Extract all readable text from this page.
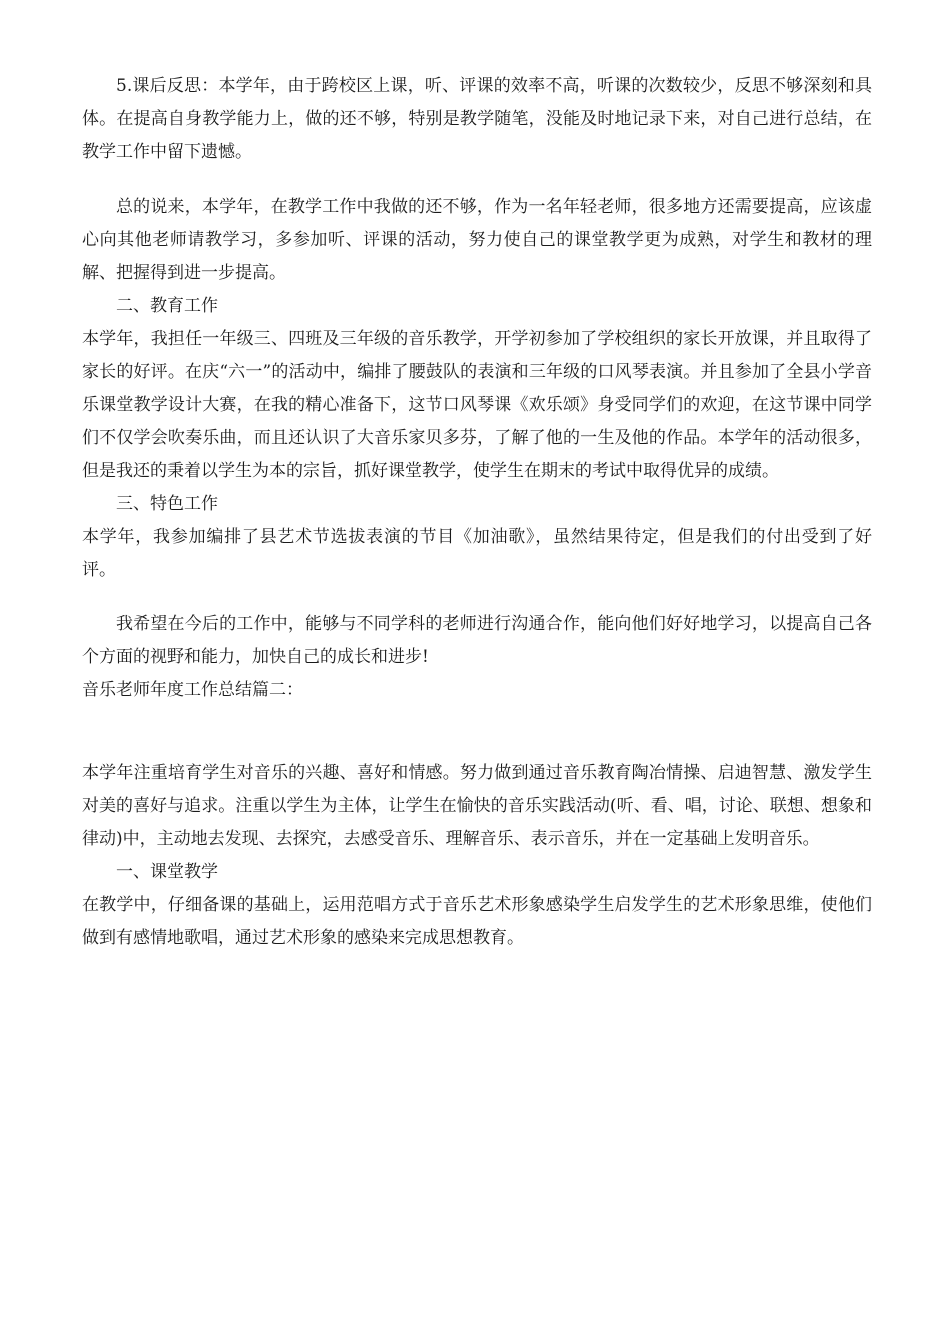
5.课后反思：本学年，由于跨校区上课，听、评课的效率不高，听课的次数较少，反思不够深刻和具体。在提高自身教学能力上，做的还不够，特别是教学随笔，没能及时地记录下来，对自己进行总结，在教学工作中留下遗憾。

总的说来，本学年，在教学工作中我做的还不够，作为一名年轻老师，很多地方还需要提高，应该虚心向其他老师请教学习，多参加听、评课的活动，努力使自己的课堂教学更为成熟，对学生和教材的理解、把握得到进一步提高。

二、教育工作

本学年，我担任一年级三、四班及三年级的音乐教学，开学初参加了学校组织的家长开放课，并且取得了家长的好评。在庆“六一”的活动中，编排了腰鼓队的表演和三年级的口风琴表演。并且参加了全县小学音乐课堂教学设计大赛，在我的精心准备下，这节口风琴课《欢乐颂》身受同学们的欢迎，在这节课中同学们不仅学会吹奏乐曲，而且还认识了大音乐家贝多芬，了解了他的一生及他的作品。本学年的活动很多，但是我还的秉着以学生为本的宗旨，抓好课堂教学，使学生在期末的考试中取得优异的成绩。

三、特色工作

本学年，我参加编排了县艺术节选拔表演的节目《加油歌》，虽然结果待定，但是我们的付出受到了好评。

我希望在今后的工作中，能够与不同学科的老师进行沟通合作，能向他们好好地学习，以提高自己各个方面的视野和能力，加快自己的成长和进步!

音乐老师年度工作总结篇二：

本学年注重培育学生对音乐的兴趣、喜好和情感。努力做到通过音乐教育陶冶情操、启迪智慧、激发学生对美的喜好与追求。注重以学生为主体，让学生在愉快的音乐实践活动(听、看、唱，讨论、联想、想象和律动)中，主动地去发现、去探究，去感受音乐、理解音乐、表示音乐，并在一定基础上发明音乐。

一、课堂教学

在教学中，仔细备课的基础上，运用范唱方式于音乐艺术形象感染学生启发学生的艺术形象思维，使他们做到有感情地歌唱，通过艺术形象的感染来完成思想教育。
